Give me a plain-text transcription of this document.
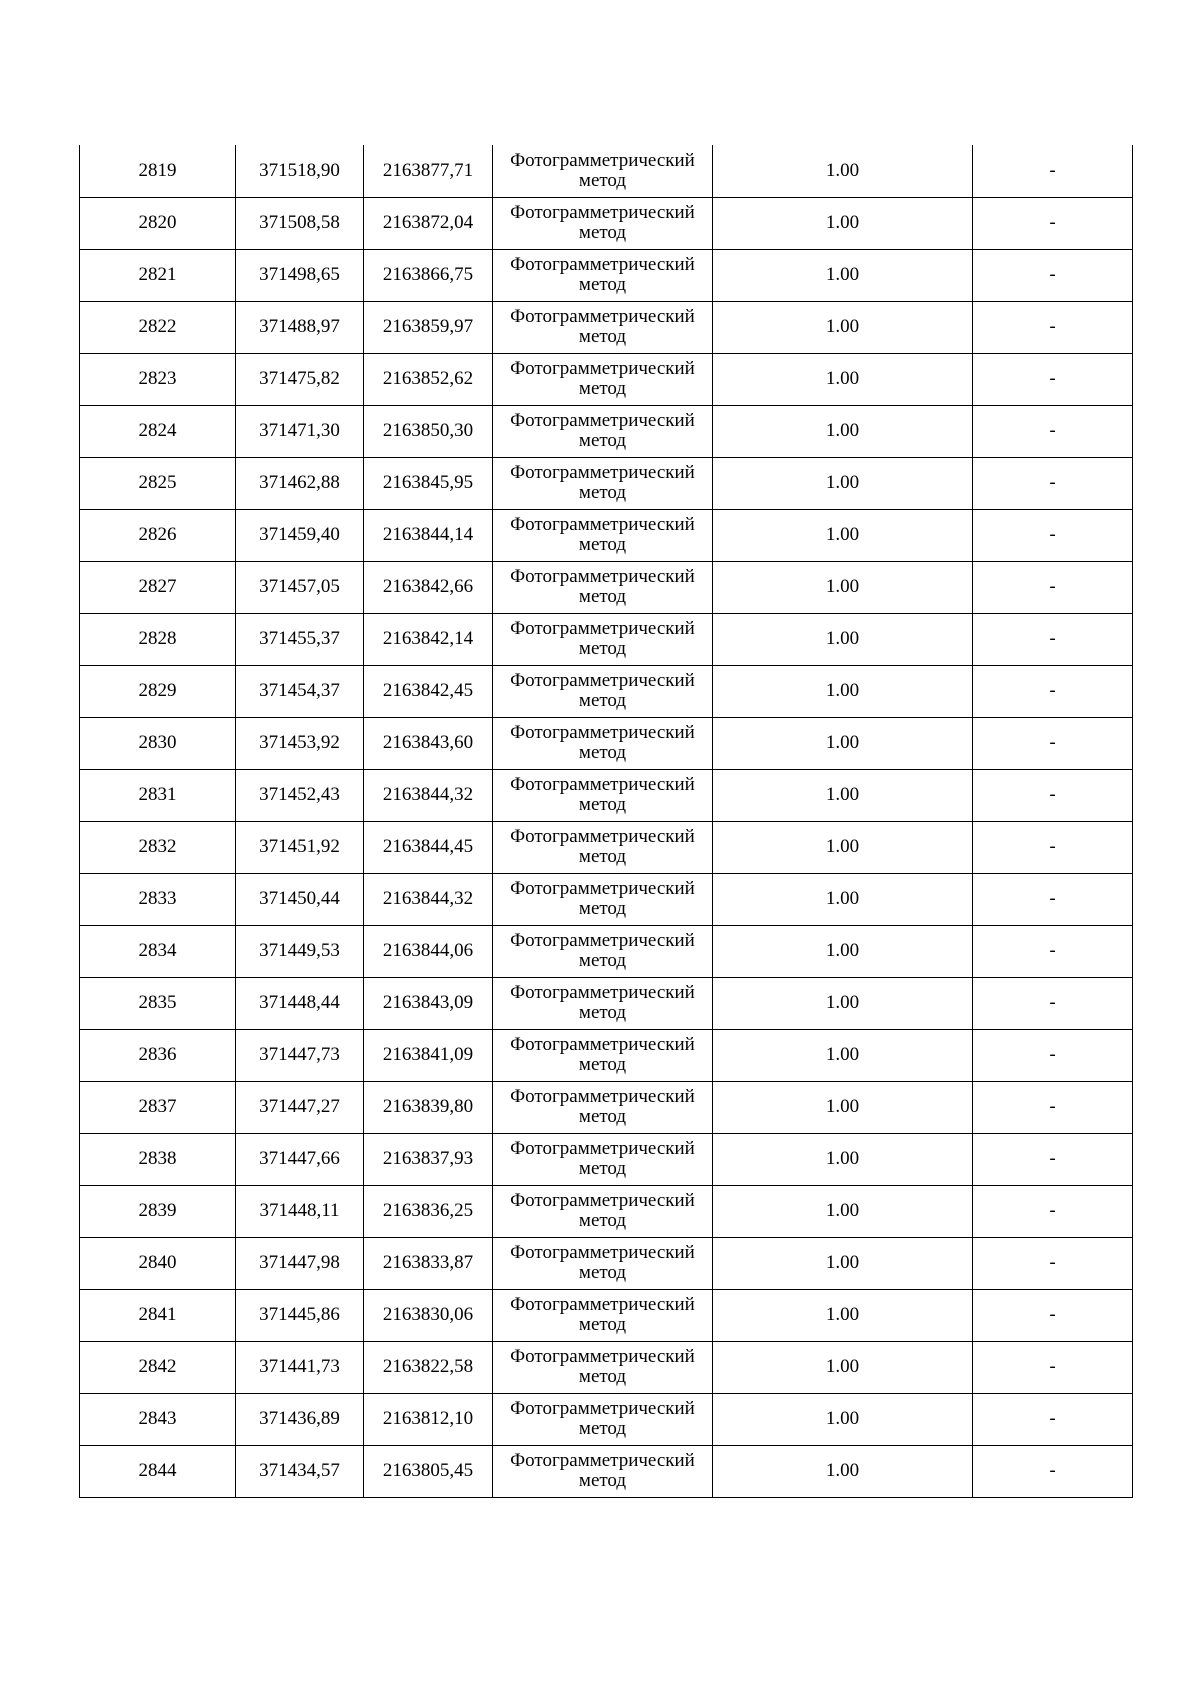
2819	371518,90	2163877,71	Фотограмметрический
метод	1.00	-
2820	371508,58	2163872,04	Фотограмметрический
метод	1.00	-
2821	371498,65	2163866,75	Фотограмметрический
метод	1.00	-
2822	371488,97	2163859,97	Фотограмметрический
метод	1.00	-
2823	371475,82	2163852,62	Фотограмметрический
метод	1.00	-
2824	371471,30	2163850,30	Фотограмметрический
метод	1.00	-
2825	371462,88	2163845,95	Фотограмметрический
метод	1.00	-
2826	371459,40	2163844,14	Фотограмметрический
метод	1.00	-
2827	371457,05	2163842,66	Фотограмметрический
метод	1.00	-
2828	371455,37	2163842,14	Фотограмметрический
метод	1.00	-
2829	371454,37	2163842,45	Фотограмметрический
метод	1.00	-
2830	371453,92	2163843,60	Фотограмметрический
метод	1.00	-
2831	371452,43	2163844,32	Фотограмметрический
метод	1.00	-
2832	371451,92	2163844,45	Фотограмметрический
метод	1.00	-
2833	371450,44	2163844,32	Фотограмметрический
метод	1.00	-
2834	371449,53	2163844,06	Фотограмметрический
метод	1.00	-
2835	371448,44	2163843,09	Фотограмметрический
метод	1.00	-
2836	371447,73	2163841,09	Фотограмметрический
метод	1.00	-
2837	371447,27	2163839,80	Фотограмметрический
метод	1.00	-
2838	371447,66	2163837,93	Фотограмметрический
метод	1.00	-
2839	371448,11	2163836,25	Фотограмметрический
метод	1.00	-
2840	371447,98	2163833,87	Фотограмметрический
метод	1.00	-
2841	371445,86	2163830,06	Фотограмметрический
метод	1.00	-
2842	371441,73	2163822,58	Фотограмметрический
метод	1.00	-
2843	371436,89	2163812,10	Фотограмметрический
метод	1.00	-
2844	371434,57	2163805,45	Фотограмметрический
метод	1.00	-
